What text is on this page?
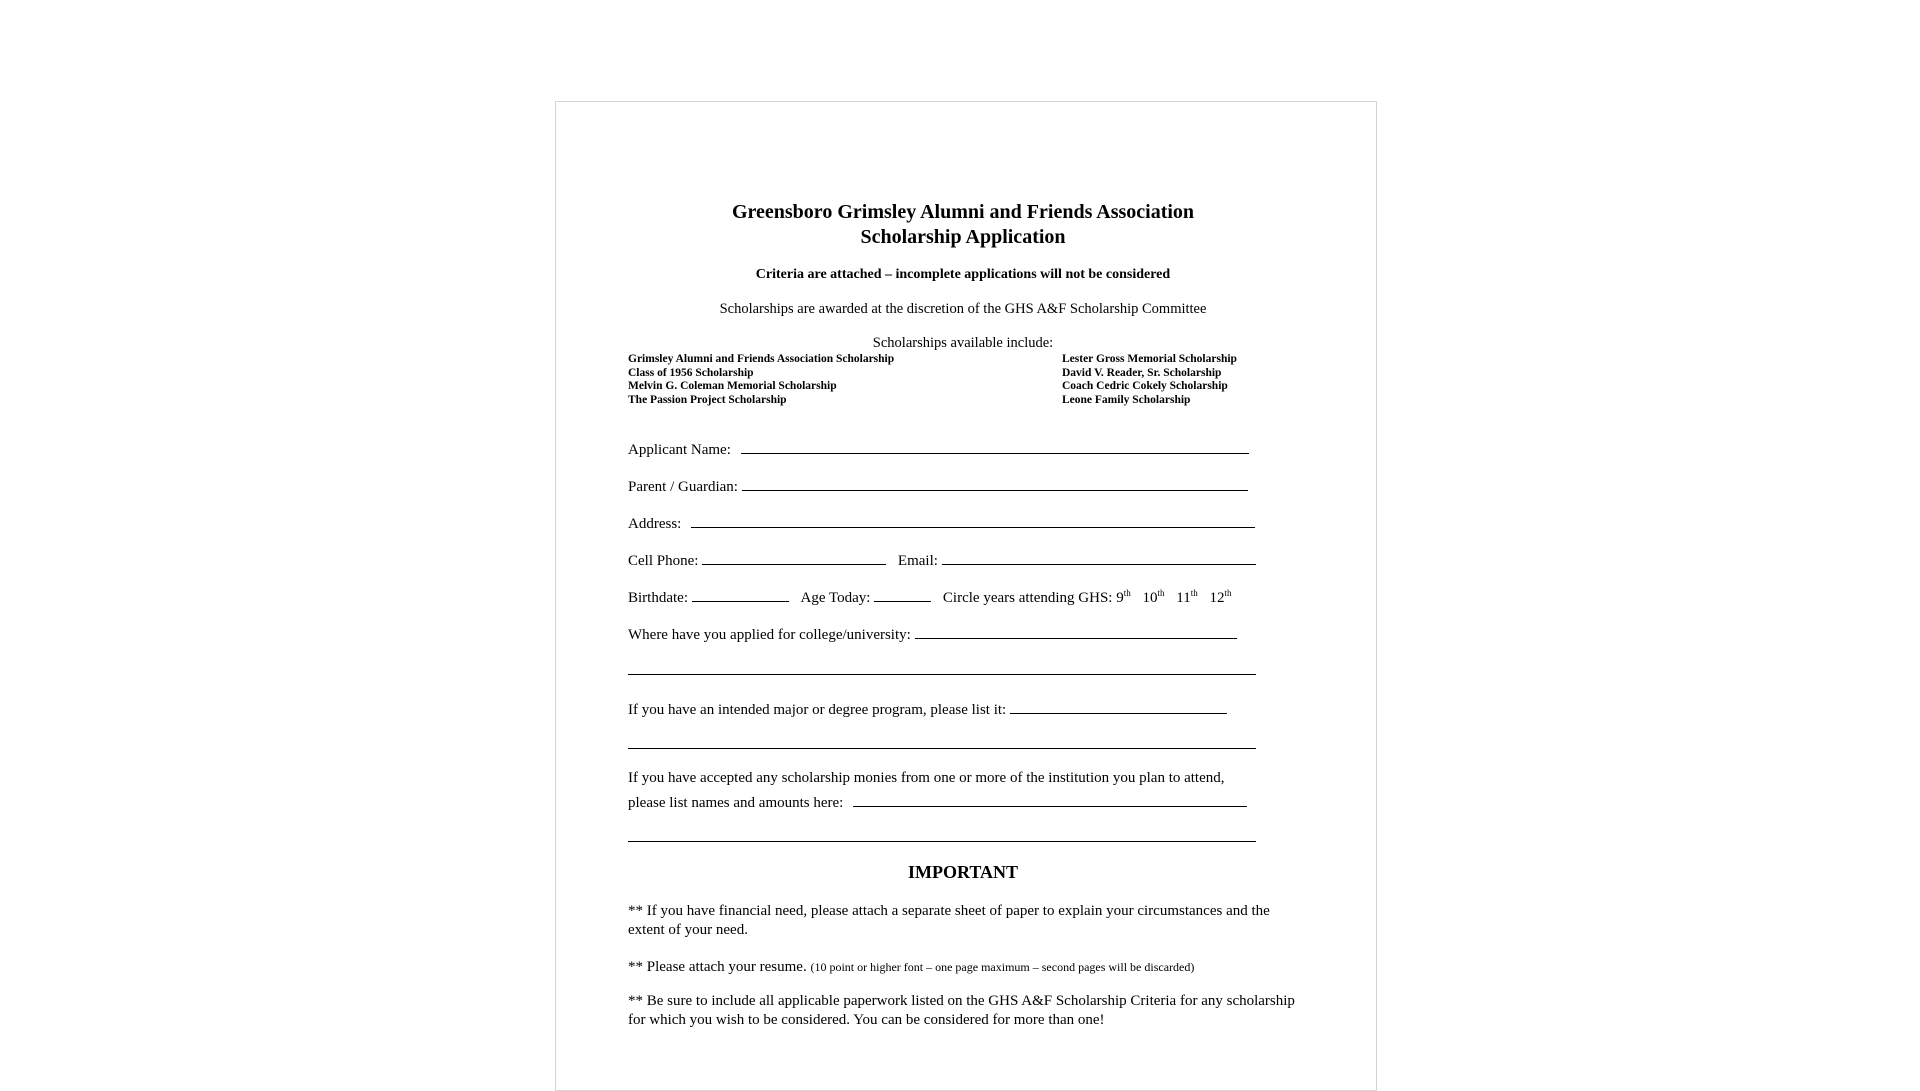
Greensboro Grimsley Alumni and Friends Association
Scholarship Application
Criteria are attached – incomplete applications will not be considered
Scholarships are awarded at the discretion of the GHS A&F Scholarship Committee
Scholarships available include:
Grimsley Alumni and Friends Association Scholarship
Class of 1956 Scholarship
Melvin G. Coleman Memorial Scholarship
The Passion Project Scholarship
Lester Gross Memorial Scholarship
David V. Reader, Sr. Scholarship
Coach Cedric Cokely Scholarship
Leone Family Scholarship
Applicant Name:
Parent / Guardian:
Address:
Cell Phone:	Email:
Birthdate:	Age Today:	Circle years attending GHS: 9th 10th 11th 12th
Where have you applied for college/university:
If you have an intended major or degree program, please list it:
If you have accepted any scholarship monies from one or more of the institution you plan to attend,
please list names and amounts here:
IMPORTANT
** If you have financial need, please attach a separate sheet of paper to explain your circumstances and the extent of your need.
** Please attach your resume. (10 point or higher font – one page maximum – second pages will be discarded)
** Be sure to include all applicable paperwork listed on the GHS A&F Scholarship Criteria for any scholarship for which you wish to be considered. You can be considered for more than one!
